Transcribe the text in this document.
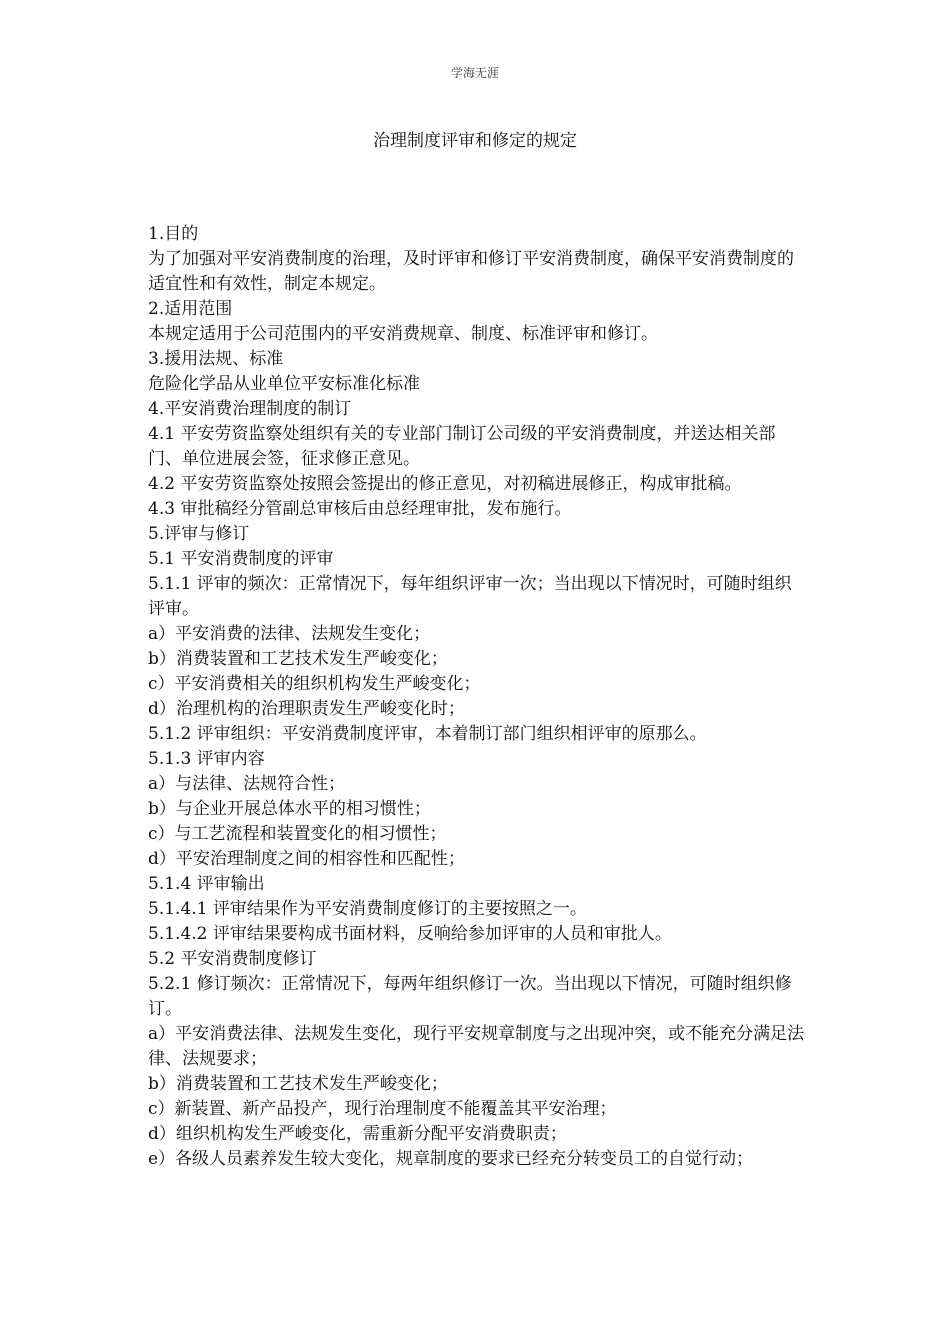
学海无涯
治理制度评审和修定的规定

1.目的

为了加强对平安消费制度的治理，及时评审和修订平安消费制度，确保平安消费制度的适宜性和有效性，制定本规定。

2.适用范围

本规定适用于公司范围内的平安消费规章、制度、标准评审和修订。

3.援用法规、标准

危险化学品从业单位平安标准化标准

4.平安消费治理制度的制订

4.1 平安劳资监察处组织有关的专业部门制订公司级的平安消费制度，并送达相关部门、单位进展会签，征求修正意见。

4.2 平安劳资监察处按照会签提出的修正意见，对初稿进展修正，构成审批稿。

4.3 审批稿经分管副总审核后由总经理审批，发布施行。

5.评审与修订

5.1 平安消费制度的评审

5.1.1 评审的频次：正常情况下，每年组织评审一次；当出现以下情况时，可随时组织评审。

a）平安消费的法律、法规发生变化；

b）消费装置和工艺技术发生严峻变化；

c）平安消费相关的组织机构发生严峻变化；

d）治理机构的治理职责发生严峻变化时；

5.1.2 评审组织：平安消费制度评审，本着制订部门组织相评审的原那么。

5.1.3 评审内容

a）与法律、法规符合性；

b）与企业开展总体水平的相习惯性；

c）与工艺流程和装置变化的相习惯性；

d）平安治理制度之间的相容性和匹配性；

5.1.4 评审输出

5.1.4.1 评审结果作为平安消费制度修订的主要按照之一。

5.1.4.2 评审结果要构成书面材料，反响给参加评审的人员和审批人。

5.2 平安消费制度修订

5.2.1 修订频次：正常情况下，每两年组织修订一次。当出现以下情况，可随时组织修订。

a）平安消费法律、法规发生变化，现行平安规章制度与之出现冲突，或不能充分满足法律、法规要求；

b）消费装置和工艺技术发生严峻变化；

c）新装置、新产品投产，现行治理制度不能覆盖其平安治理；

d）组织机构发生严峻变化，需重新分配平安消费职责；

e）各级人员素养发生较大变化，规章制度的要求已经充分转变员工的自觉行动；
